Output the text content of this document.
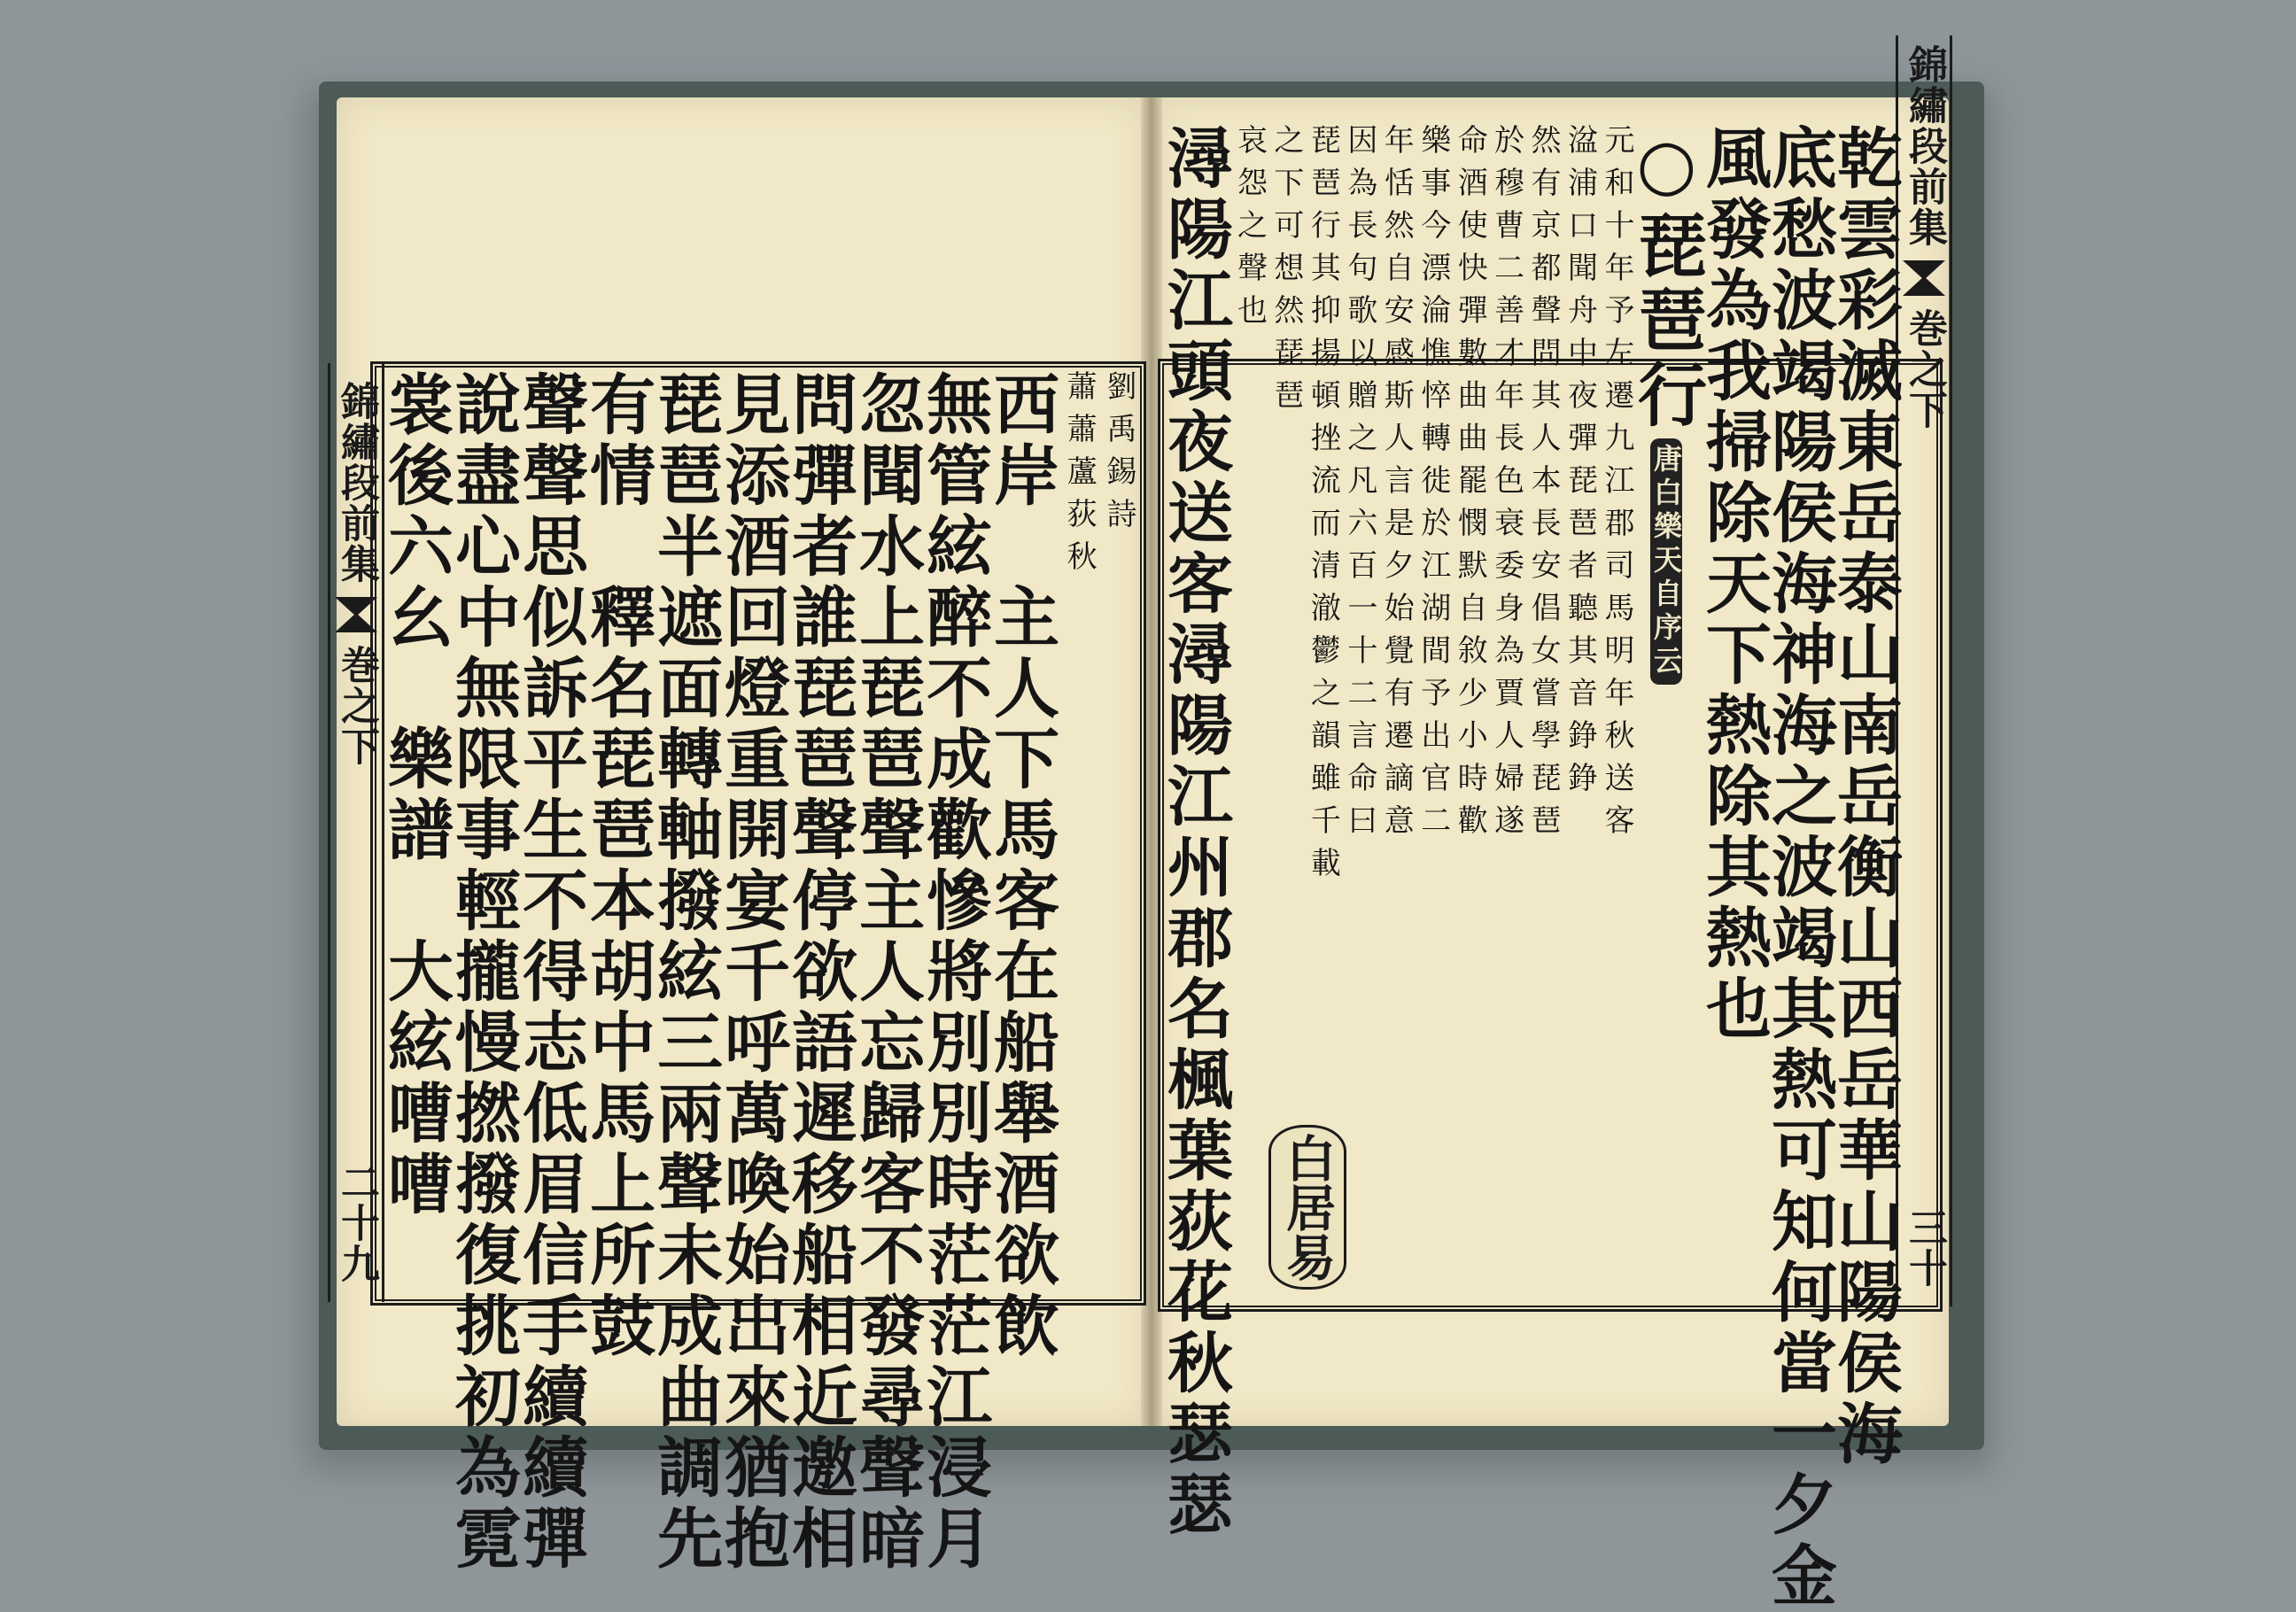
錦繡段前集
巻之下
二十九
錦繡段前集
巻之下
三十
劉禹錫詩
蕭蕭蘆荻秋
西岸　主人下馬客在船舉酒欲飲
無管絃醉不成歡慘將別別時茫茫江浸月
忽聞水上琵琶聲主人忘歸客不發尋聲暗
問彈者誰琵琶聲停欲語遲移船相近邀相
見添酒回燈重開宴千呼萬喚始出來猶抱
琵琶半遮面轉軸撥絃三兩聲未成曲調先
有情　釋名琵琶本胡中馬上所鼓
聲聲思似訴平生不得志低眉信手續續彈
說盡心中無限事輕攏慢撚撥復挑初為霓
裳後六幺　樂譜　大絃嘈嘈	乾雲彩滅東岳泰山南岳衡山西岳華山陽侯海
底愁波竭陽侯海神海之波竭其熱可知何當一夕金
風發為我掃除天下熱除其熱也
○琵琶行唐白樂天自序云
元和十年予左遷九江郡司馬明年秋送客
湓浦口聞舟中夜彈琵琶者聽其音錚錚
然有京都聲問其人本長安倡女嘗學琵琶
於穆曹二善才年長色衰委身為賈人婦遂
命酒使快彈數曲曲罷憫默自敘少小時歡
樂事今漂淪憔悴轉徙於江湖間予出官二
年恬然自安感斯人言是夕始覺有遷謫意
因為長句歌以贈之凡六百一十二言命曰
琵琶行其抑揚頓挫流而清澈鬱之韻雖千載
之下可想然琵琶
哀怨之聲也
潯陽江頭夜送客潯陽江州郡名楓葉荻花秋瑟瑟 白居易
